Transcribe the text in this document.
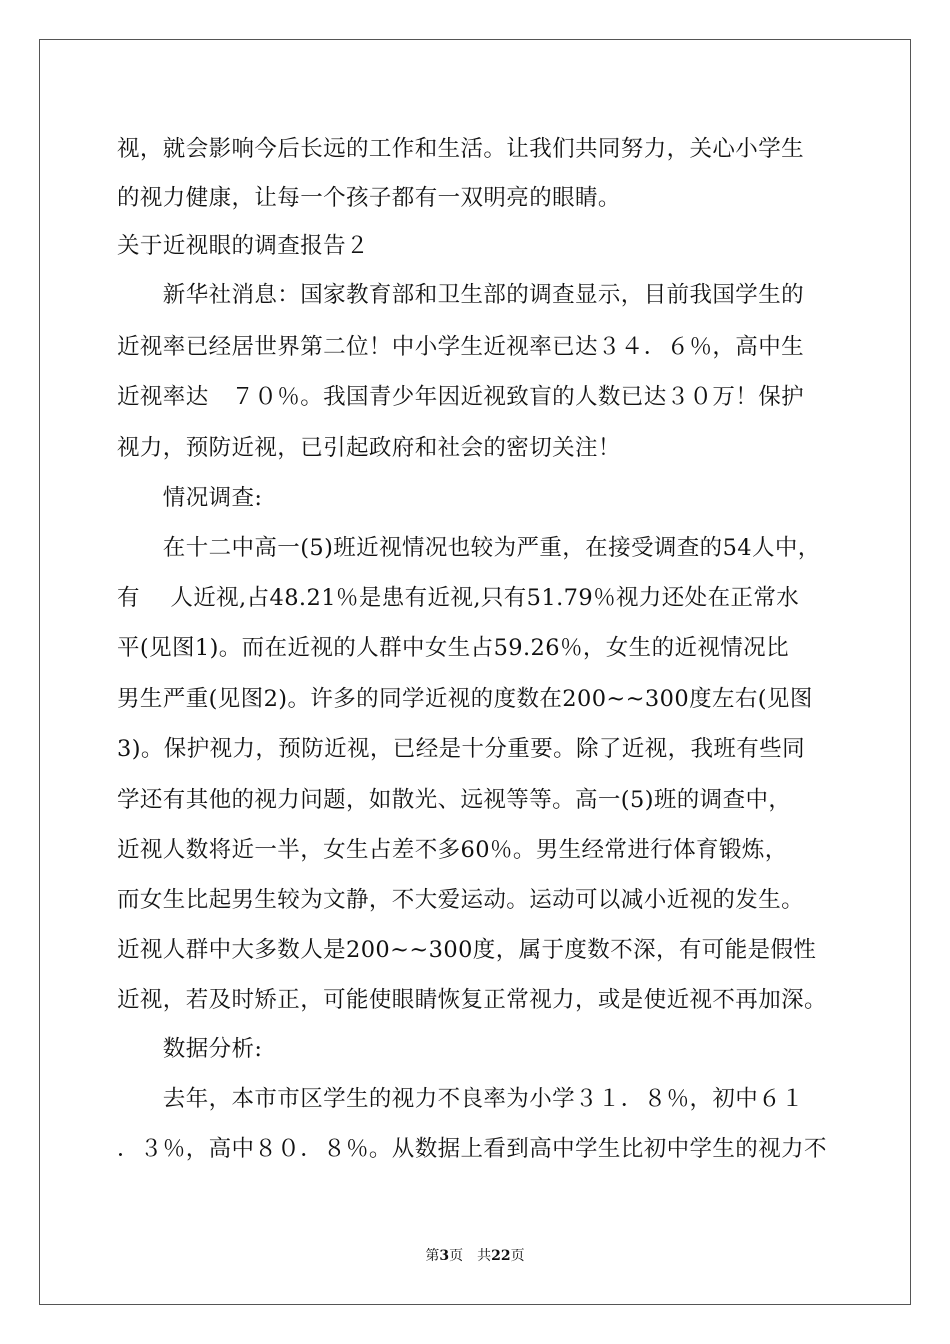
视，就会影响今后长远的工作和生活。让我们共同努力，关心小学生
的视力健康，让每一个孩子都有一双明亮的眼睛。
关于近视眼的调查报告２
　　新华社消息：国家教育部和卫生部的调查显示，目前我国学生的
近视率已经居世界第二位！中小学生近视率已达３４．６％，高中生
近视率达　７０％。我国青少年因近视致盲的人数已达３０万！保护
视力，预防近视，已引起政府和社会的密切关注！
　　情况调查:
　　在十二中高一(5)班近视情况也较为严重，在接受调查的54人中，
有　 人近视,占48.21％是患有近视,只有51.79％视力还处在正常水
平(见图1)。而在近视的人群中女生占59.26％，女生的近视情况比
男生严重(见图2)。许多的同学近视的度数在200~~300度左右(见图
3)。保护视力，预防近视，已经是十分重要。除了近视，我班有些同
学还有其他的视力问题，如散光、远视等等。高一(5)班的调查中，
近视人数将近一半，女生占差不多60％。男生经常进行体育锻炼，
而女生比起男生较为文静，不大爱运动。运动可以减小近视的发生。
近视人群中大多数人是200~~300度，属于度数不深，有可能是假性
近视，若及时矫正，可能使眼睛恢复正常视力，或是使近视不再加深。
　　数据分析:
　　去年，本市市区学生的视力不良率为小学３１．８％，初中６１
．３％，高中８０．８％。从数据上看到高中学生比初中学生的视力不
第3页　共22页
